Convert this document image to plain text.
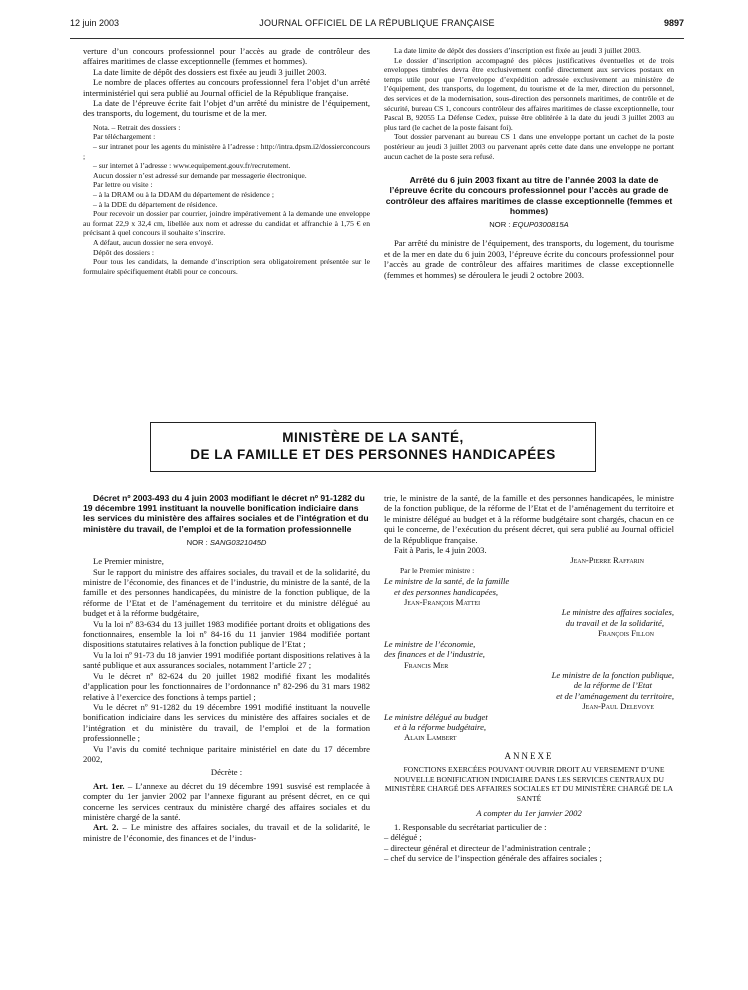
12 juin 2003	JOURNAL OFFICIEL DE LA RÉPUBLIQUE FRANÇAISE	9897

verture d’un concours professionnel pour l’accès au grade de contrôleur des affaires maritimes de classe exceptionnelle (femmes et hommes).

La date limite de dépôt des dossiers est fixée au jeudi 3 juillet 2003.

Le nombre de places offertes au concours professionnel fera l’objet d’un arrêté interministériel qui sera publié au Journal officiel de la République française.

La date de l’épreuve écrite fait l’objet d’un arrêté du ministre de l’équipement, des transports, du logement, du tourisme et de la mer.

Nota. – Retrait des dossiers :

Par téléchargement :

– sur intranet pour les agents du ministère à l’adresse : http://intra.dpsm.i2/dossierconcours ;

– sur internet à l’adresse : www.equipement.gouv.fr/recrutement.

Aucun dossier n’est adressé sur demande par messagerie électronique.

Par lettre ou visite :

– à la DRAM ou à la DDAM du département de résidence ;

– à la DDE du département de résidence.

Pour recevoir un dossier par courrier, joindre impérativement à la demande une enveloppe au format 22,9 x 32,4 cm, libellée aux nom et adresse du candidat et affranchie à 1,75 € en précisant à quel concours il souhaite s’inscrire.

A défaut, aucun dossier ne sera envoyé.

Dépôt des dossiers :

Pour tous les candidats, la demande d’inscription sera obligatoirement présentée sur le formulaire spécifiquement établi pour ce concours.

La date limite de dépôt des dossiers d’inscription est fixée au jeudi 3 juillet 2003.

Le dossier d’inscription accompagné des pièces justificatives éventuelles et de trois enveloppes timbrées devra être exclusivement confié directement aux services postaux en temps utile pour que l’enveloppe d’expédition adressée exclusivement au ministère de l’équipement, des transports, du logement, du tourisme et de la mer, direction du personnel, des services et de la modernisation, sous-direction des personnels maritimes, de contrôle et de sécurité, bureau CS 1, concours contrôleur des affaires maritimes de classe exceptionnelle, tour Pascal B, 92055 La Défense Cedex, puisse être oblitérée à la date du jeudi 3 juillet 2003 au plus tard (le cachet de la poste faisant foi).

Tout dossier parvenant au bureau CS 1 dans une enveloppe portant un cachet de la poste postérieur au jeudi 3 juillet 2003 ou parvenant après cette date dans une enveloppe ne portant aucun cachet de la poste sera refusé.

Arrêté du 6 juin 2003 fixant au titre de l’année 2003 la date de l’épreuve écrite du concours professionnel pour l’accès au grade de contrôleur des affaires maritimes de classe exceptionnelle (femmes et hommes)

NOR : EQUP0300815A

Par arrêté du ministre de l’équipement, des transports, du logement, du tourisme et de la mer en date du 6 juin 2003, l’épreuve écrite du concours professionnel pour l’accès au grade de contrôleur des affaires maritimes de classe exceptionnelle (femmes et hommes) se déroulera le jeudi 2 octobre 2003.

MINISTÈRE DE LA SANTÉ,
DE LA FAMILLE ET DES PERSONNES HANDICAPÉES

Décret nº 2003-493 du 4 juin 2003 modifiant le décret nº 91-1282 du 19 décembre 1991 instituant la nouvelle bonification indiciaire dans les services du ministère des affaires sociales et de l’intégration et du ministère du travail, de l’emploi et de la formation professionnelle

NOR : SANG0321045D

Le Premier ministre,

Sur le rapport du ministre des affaires sociales, du travail et de la solidarité, du ministre de l’économie, des finances et de l’industrie, du ministre de la santé, de la famille et des personnes handicapées, du ministre de la fonction publique, de la réforme de l’Etat et de l’aménagement du territoire et du ministre délégué au budget et à la réforme budgétaire,

Vu la loi nº 83-634 du 13 juillet 1983 modifiée portant droits et obligations des fonctionnaires, ensemble la loi nº 84-16 du 11 janvier 1984 modifiée portant dispositions statutaires relatives à la fonction publique de l’Etat ;

Vu la loi nº 91-73 du 18 janvier 1991 modifiée portant dispositions relatives à la santé publique et aux assurances sociales, notamment l’article 27 ;

Vu le décret nº 82-624 du 20 juillet 1982 modifié fixant les modalités d’application pour les fonctionnaires de l’ordonnance nº 82-296 du 31 mars 1982 relative à l’exercice des fonctions à temps partiel ;

Vu le décret nº 91-1282 du 19 décembre 1991 modifié instituant la nouvelle bonification indiciaire dans les services du ministère des affaires sociales et de l’intégration et du ministère du travail, de l’emploi et de la formation professionnelle ;

Vu l’avis du comité technique paritaire ministériel en date du 17 décembre 2002,

Décrète :

Art. 1er. – L’annexe au décret du 19 décembre 1991 susvisé est remplacée à compter du 1er janvier 2002 par l’annexe figurant au présent décret, en ce qui concerne les services centraux du ministère chargé des affaires sociales et du ministère chargé de la santé.

Art. 2. – Le ministre des affaires sociales, du travail et de la solidarité, le ministre de l’économie, des finances et de l’indus-

trie, le ministre de la santé, de la famille et des personnes handicapées, le ministre de la fonction publique, de la réforme de l’Etat et de l’aménagement du territoire et le ministre délégué au budget et à la réforme budgétaire sont chargés, chacun en ce qui le concerne, de l’exécution du présent décret, qui sera publié au Journal officiel de la République française.

Fait à Paris, le 4 juin 2003.

Jean-Pierre Raffarin
Par le Premier ministre :
Le ministre de la santé, de la famille
et des personnes handicapées,
Jean-François Mattei
Le ministre des affaires sociales,
du travail et de la solidarité,
François Fillon
Le ministre de l’économie,
des finances et de l’industrie,
Francis Mer
Le ministre de la fonction publique,
de la réforme de l’Etat
et de l’aménagement du territoire,
Jean-Paul Delevoye
Le ministre délégué au budget
et à la réforme budgétaire,
Alain Lambert
ANNEXE

FONCTIONS EXERCÉES POUVANT OUVRIR DROIT AU VERSEMENT D’UNE NOUVELLE BONIFICATION INDICIAIRE DANS LES SERVICES CENTRAUX DU MINISTÈRE CHARGÉ DES AFFAIRES SOCIALES ET DU MINISTÈRE CHARGÉ DE LA SANTÉ

A compter du 1er janvier 2002

1. Responsable du secrétariat particulier de :

– délégué ;

– directeur général et directeur de l’administration centrale ;

– chef du service de l’inspection générale des affaires sociales ;
